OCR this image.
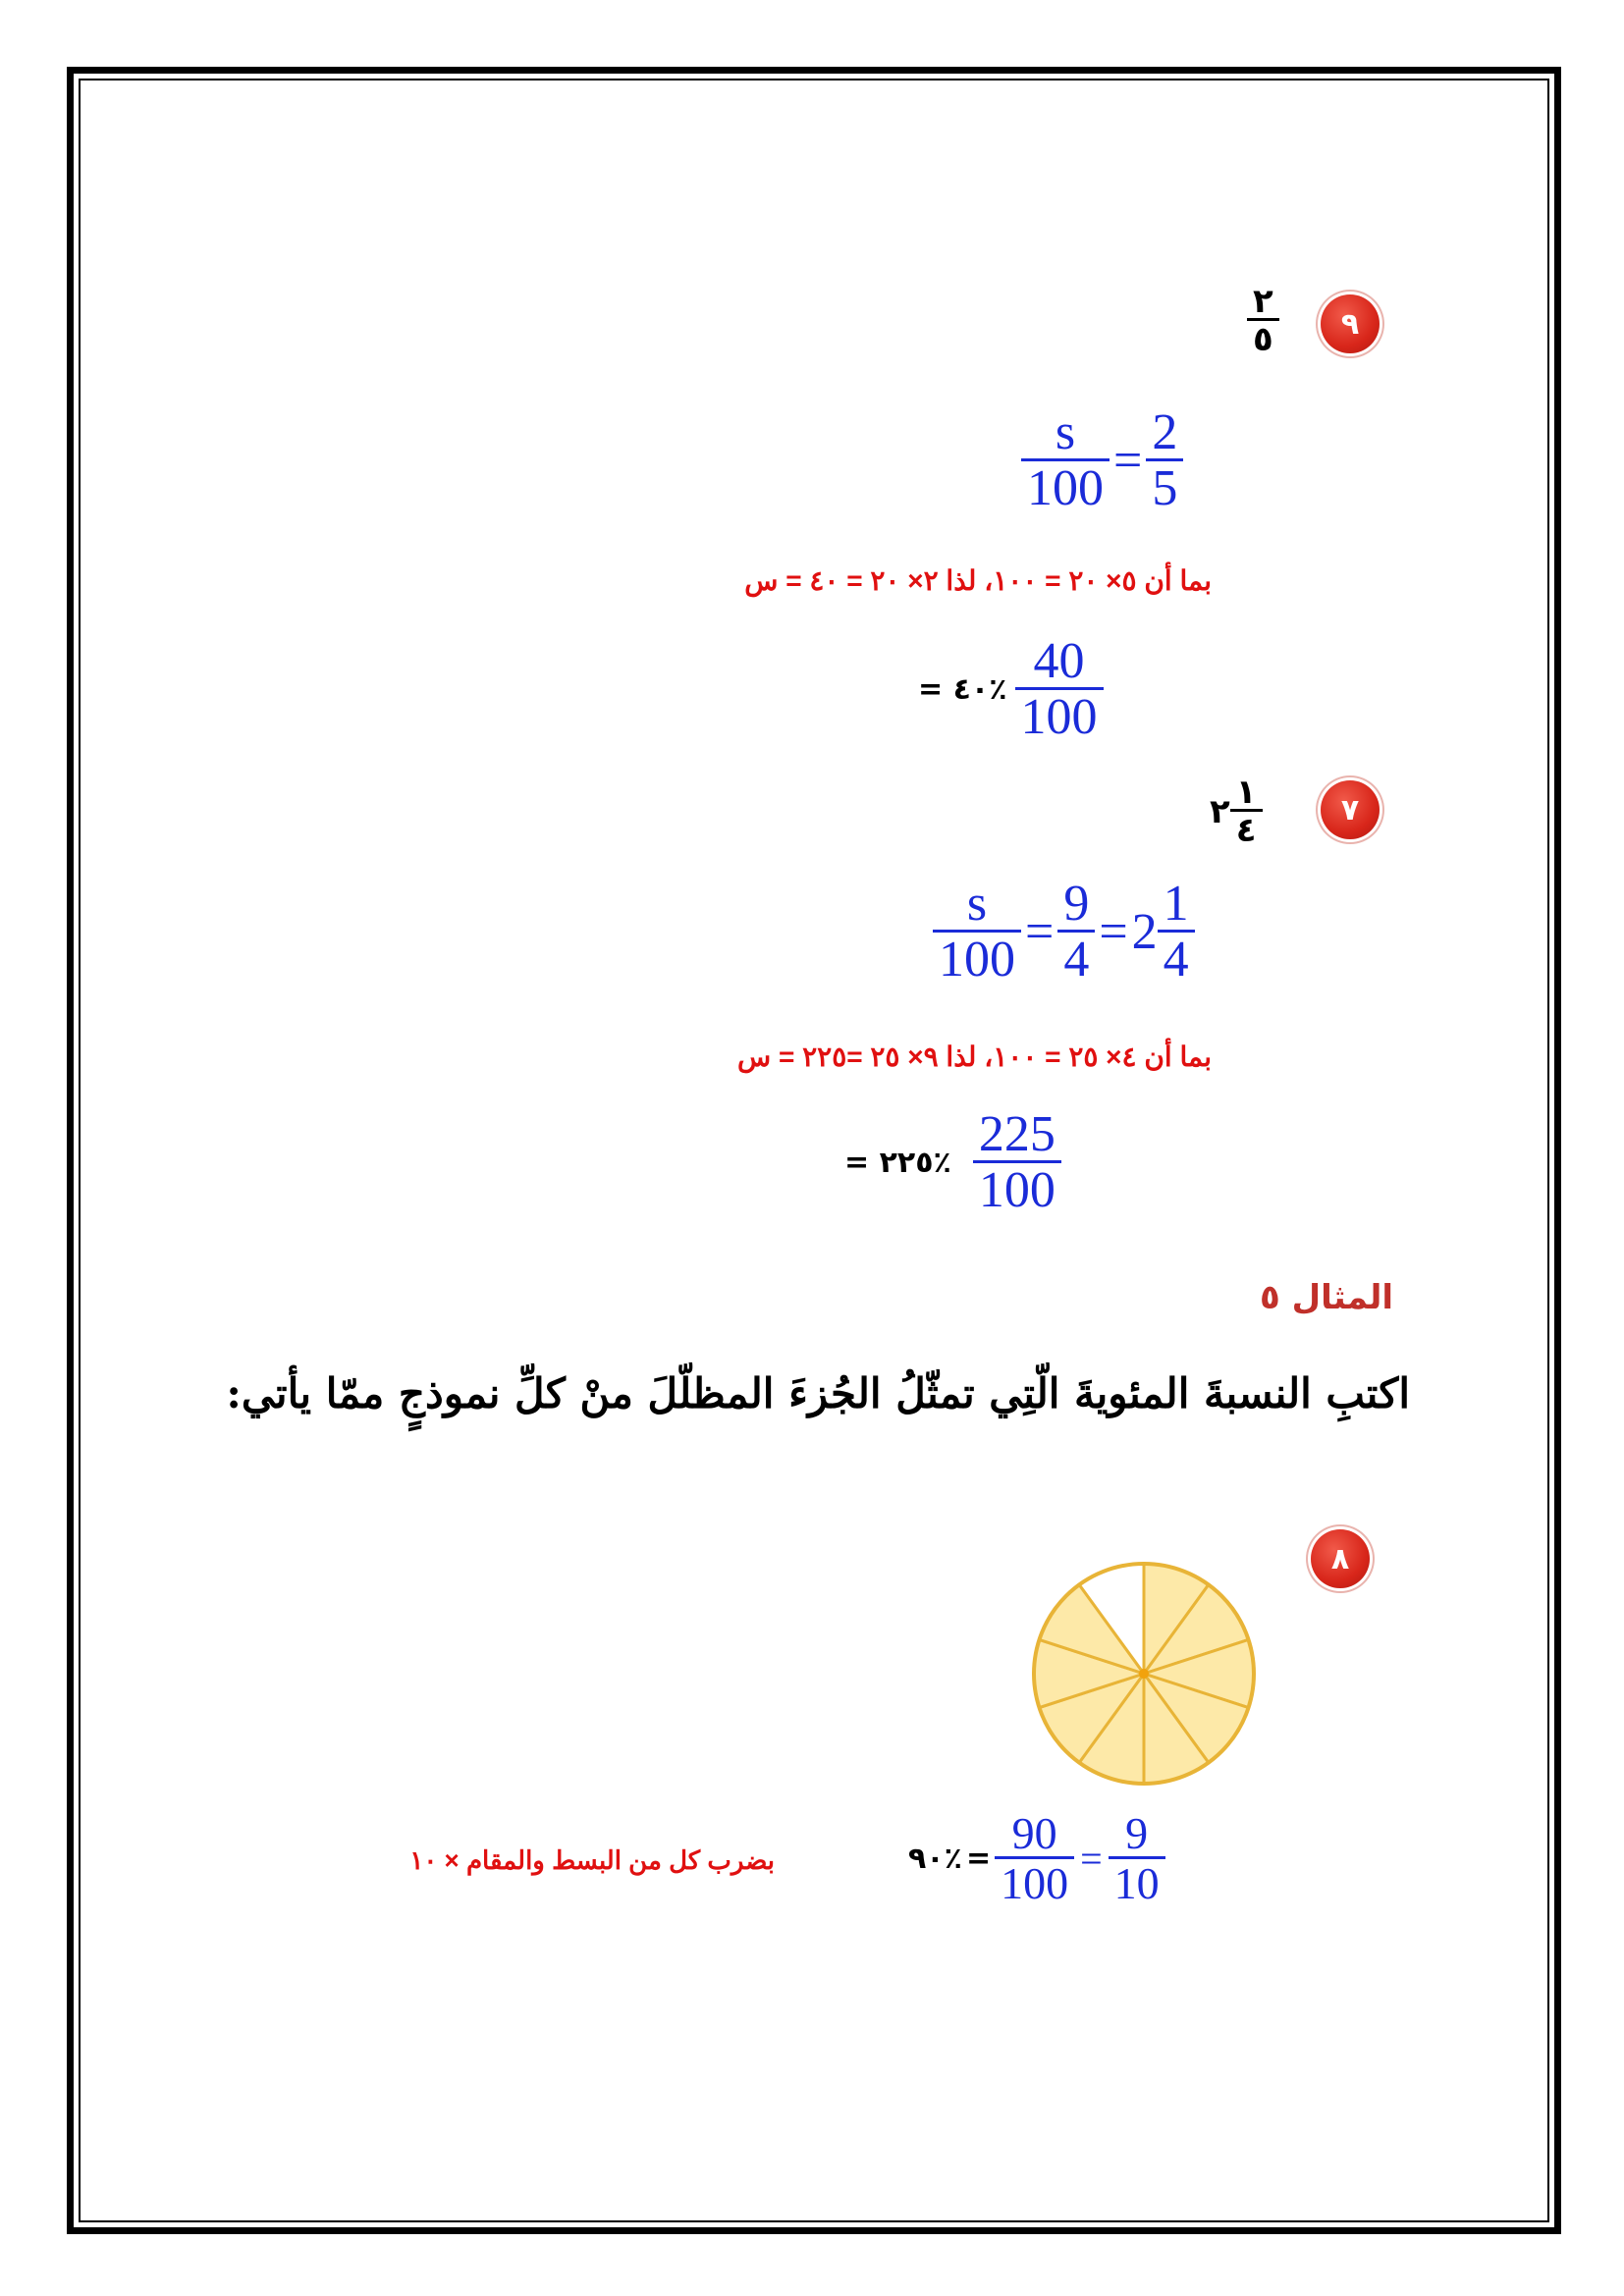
٩
$\frac{٢}{٥}$
$\frac{s}{100} = \frac{2}{5}$
بما أن ٥× ٢٠ = ١٠٠، لذا ٢× ٢٠ = ٤٠ = س
٪٤٠ = $\frac{40}{100}$
٧
٢ $\frac{١}{٤}$
$\frac{s}{100} = \frac{9}{4} = 2 \frac{1}{4}$
بما أن ٤× ٢٥ = ١٠٠، لذا ٩× ٢٥ =٢٢٥ = س
٪٢٢٥ = $\frac{225}{100}$
المثال ٥
اكتبِ النسبةَ المئويةَ الّتِي تمثّلُ الجُزءَ المظلّلَ منْ كلِّ نموذجٍ ممّا يأتي:
٨
٪٩٠ = $\frac{90}{100} = \frac{9}{10}$
بضرب كل من البسط والمقام × ١٠
